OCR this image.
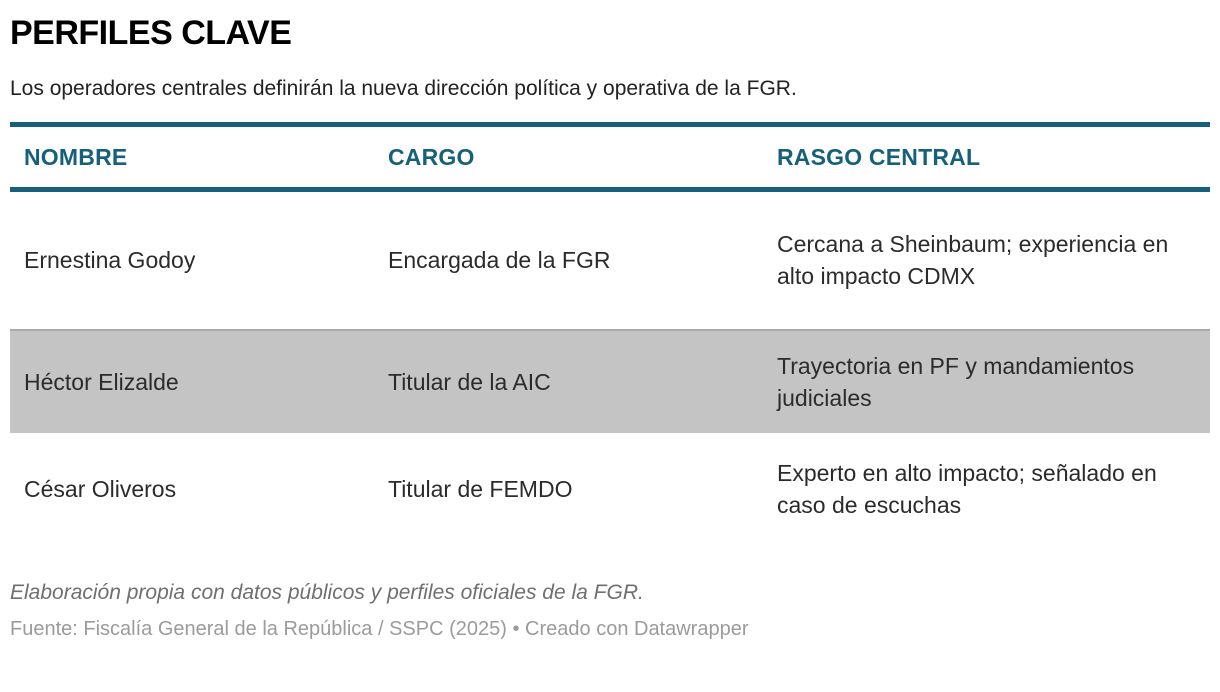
PERFILES CLAVE

Los operadores centrales definirán la nueva dirección política y operativa de la FGR.

NOMBRE	CARGO	RASGO CENTRAL
Ernestina Godoy	Encargada de la FGR	Cercana a Sheinbaum; experiencia en alto impacto CDMX
Héctor Elizalde	Titular de la AIC	Trayectoria en PF y mandamientos judiciales
César Oliveros	Titular de FEMDO	Experto en alto impacto; señalado en caso de escuchas

Elaboración propia con datos públicos y perfiles oficiales de la FGR.

Fuente: Fiscalía General de la República / SSPC (2025) • Creado con Datawrapper
